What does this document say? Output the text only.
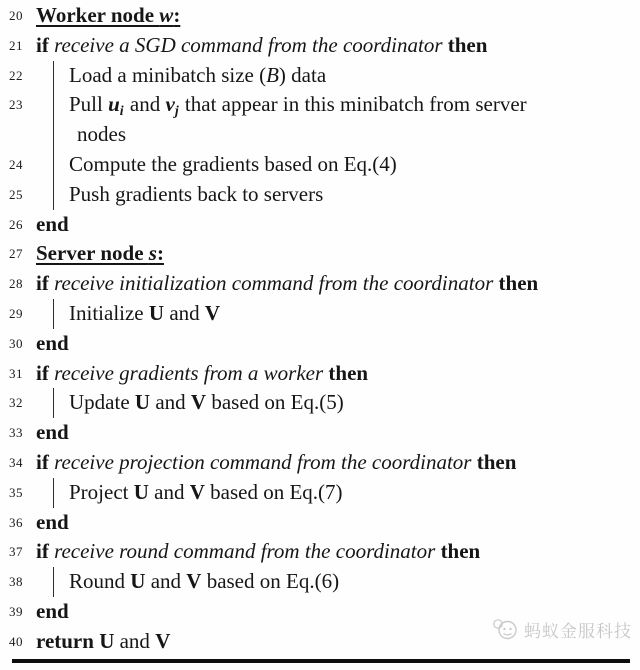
20 Worker node w:
21 if receive a SGD command from the coordinator then
22	Load a minibatch size (B) data
23	Pull ui and vj that appear in this minibatch from server
nodes
24	Compute the gradients based on Eq.(4)
25	Push gradients back to servers
26 end
27 Server node s:
28 if receive initialization command from the coordinator then
29	Initialize U and V
30 end
31 if receive gradients from a worker then
32	Update U and V based on Eq.(5)
33 end
34 if receive projection command from the coordinator then
35	Project U and V based on Eq.(7)
36 end
37 if receive round command from the coordinator then
38	Round U and V based on Eq.(6)
39 end
40 return U and V	蚂蚁金服科技
